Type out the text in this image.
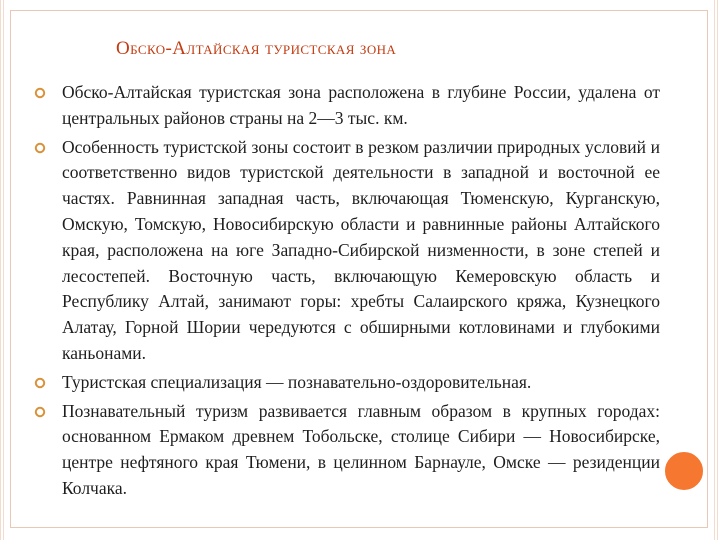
Обско-Алтайская туристская зона
Обско-Алтайская туристская зона расположена в глубине России, удалена от центральных районов страны на 2—3 тыс. км.
Особенность туристской зоны состоит в резком различии природных условий и соответственно видов туристской деятельности в западной и восточной ее частях. Равнинная западная часть, включающая Тюменскую, Курганскую, Омскую, Томскую, Новосибирскую области и равнинные районы Алтайского края, расположена на юге Западно-Сибирской низменности, в зоне степей и лесостепей. Восточную часть, включающую Кемеровскую область и Республику Алтай, занимают горы: хребты Салаирского кряжа, Кузнецкого Алатау, Горной Шории чередуются с обширными котловинами и глубокими каньонами.
Туристская специализация — познавательно-оздоровительная.
Познавательный туризм развивается главным образом в крупных городах: основанном Ермаком древнем Тобольске, столице Сибири — Новосибирске, центре нефтяного края Тюмени, в целинном Барнауле, Омске — резиденции Колчака.
